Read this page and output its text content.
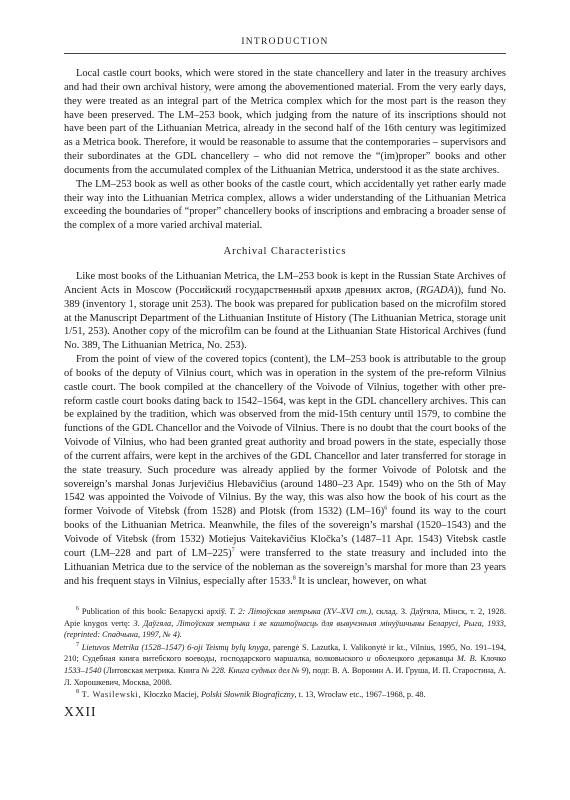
INTRODUCTION

Local castle court books, which were stored in the state chancellery and later in the treasury archives and had their own archival history, were among the abovementioned material. From the very early days, they were treated as an integral part of the Metrica complex which for the most part is the reason they have been preserved. The LM–253 book, which judging from the nature of its inscriptions should not have been part of the Lithuanian Metrica, already in the second half of the 16th century was legitimized as a Metrica book. Therefore, it would be reasonable to assume that the contemporaries – supervisors and their subordinates at the GDL chancellery – who did not remove the “(im)proper” books and other documents from the accumulated complex of the Lithuanian Metrica, understood it as the state archives.

The LM–253 book as well as other books of the castle court, which accidentally yet rather early made their way into the Lithuanian Metrica complex, allows a wider understanding of the Lithuanian Metrica exceeding the boundaries of “proper” chancellery books of inscriptions and embracing a broader sense of the complex of a more varied archival material.

Archival Characteristics

Like most books of the Lithuanian Metrica, the LM–253 book is kept in the Russian State Archives of Ancient Acts in Moscow (Российский государственный архив древних актов, (RGADA)), fund No. 389 (inventory 1, storage unit 253). The book was prepared for publication based on the microfilm stored at the Manuscript Department of the Lithuanian Institute of History (The Lithuanian Metrica, storage unit 1/51, 253). Another copy of the microfilm can be found at the Lithuanian State Historical Archives (fund No. 389, The Lithuanian Metrica, No. 253).

From the point of view of the covered topics (content), the LM–253 book is attributable to the group of books of the deputy of Vilnius court, which was in operation in the system of the pre-reform Vilnius castle court. The book compiled at the chancellery of the Voivode of Vilnius, together with other pre-reform castle court books dating back to 1542–1564, was kept in the GDL chancellery archives. This can be explained by the tradition, which was observed from the mid-15th century until 1579, to combine the functions of the GDL Chancellor and the Voivode of Vilnius. There is no doubt that the court books of the Voivode of Vilnius, who had been granted great authority and broad powers in the state, especially those of the current affairs, were kept in the archives of the GDL Chancellor and later transferred for storage in the state treasury. Such procedure was already applied by the former Voivode of Polotsk and the sovereign’s marshal Jonas Jurjevičius Hlebavičius (around 1480–23 Apr. 1549) who on the 5th of May 1542 was appointed the Voivode of Vilnius. By the way, this was also how the book of his court as the former Voivode of Vitebsk (from 1528) and Plotsk (from 1532) $(LM-16)^6$ found its way to the court books of the Lithuanian Metrica. Meanwhile, the files of the sovereign’s marshal (1520–1543) and the Voivode of Vitebsk (from 1532) Motiejus Vaitekavičius Kločka’s (1487–11 Apr. 1543) Vitebsk castle court (LM–228 and part of LM–225)$^7$ were transferred to the state treasury and included into the Lithuanian Metrica due to the service of the nobleman as the sovereign’s marshal for more than 23 years and his frequent stays in Vilnius, especially after 1533.$^8$ It is unclear, however, on what

$^6$ Publication of this book: Беларускі архіў. Т. 2: Літоўская метрыка (XV–XVI ст.), склад. З. Даўгяла, Мінск, т. 2, 1928. Apie knygos vertę: З. Даўгяла, Літоўская метрыка і яе каштоўнасць для вывучэньня мінуўшчыны Беларусі, Рыга, 1933, (reprinted: Спадчына, 1997, № 4).

$^7$ Lietuvos Metrika (1528–1547) 6-oji Teismų bylų knyga, parengė S. Lazutka, I. Valikonytė ir kt., Vilnius, 1995, No. 191–194, 210; Судебная книга витебского воеводы, господарского маршалка, волковыского и оболецкого державцы М. В. Клочко 1533–1540 (Литовская метрика. Книга № 228. Книга судных дел № 9), подг. В. А. Воронин А. И. Груша, И. П. Старостина, А. Л. Хорошкевич, Москва, 2008.

$^8$ T. Wasilewski, Kłoczko Maciej, Polski Słownik Biograficzny, t. 13, Wrocław etc., 1967–1968, p. 48.

XXII
